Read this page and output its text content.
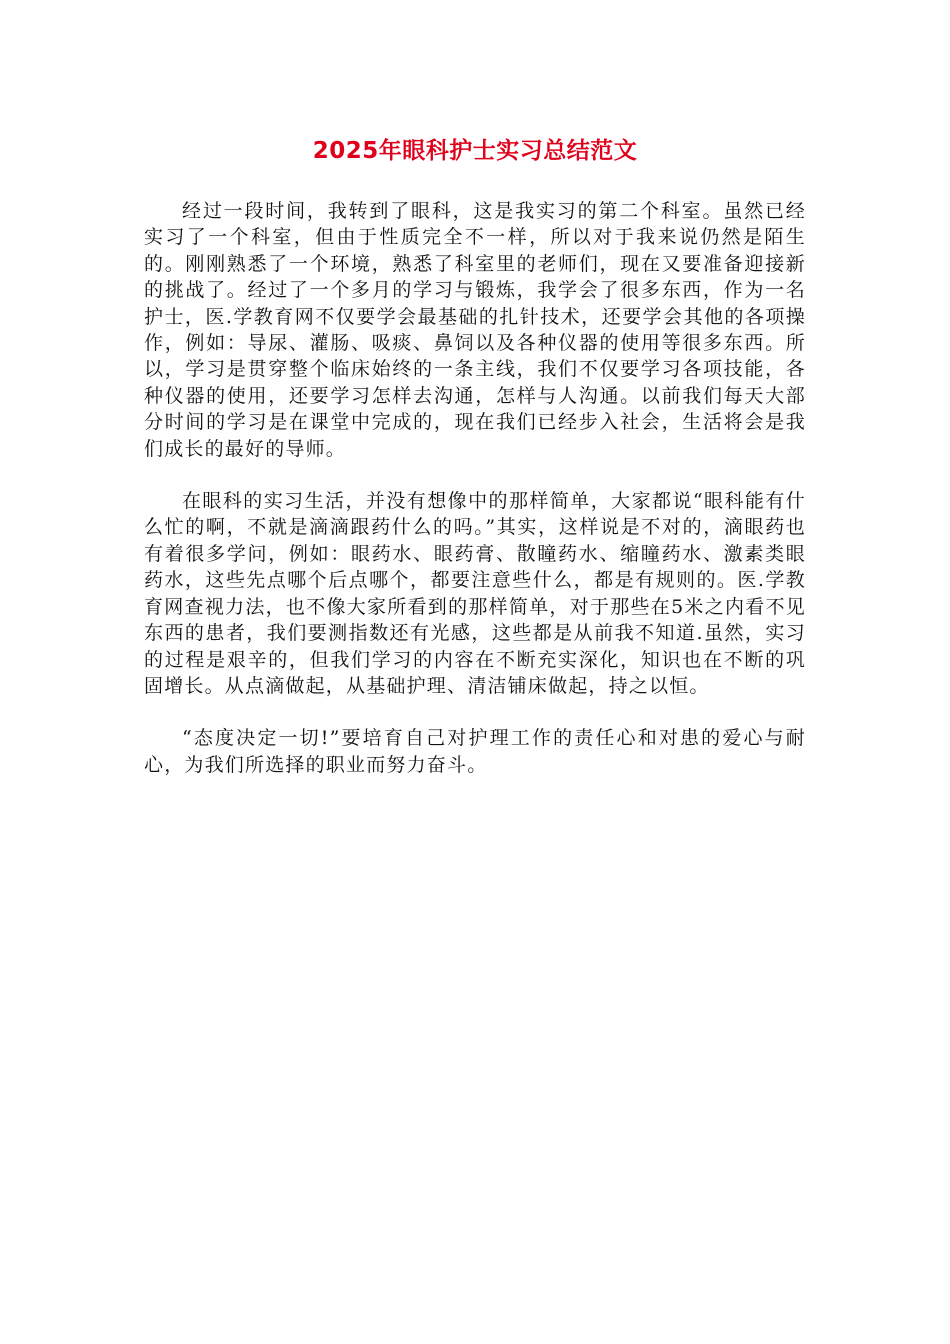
2025年眼科护士实习总结范文

经过一段时间，我转到了眼科，这是我实习的第二个科室。虽然已经实习了一个科室，但由于性质完全不一样，所以对于我来说仍然是陌生的。刚刚熟悉了一个环境，熟悉了科室里的老师们，现在又要准备迎接新的挑战了。经过了一个多月的学习与锻炼，我学会了很多东西，作为一名护士，医.学教育网不仅要学会最基础的扎针技术，还要学会其他的各项操作，例如：导尿、灌肠、吸痰、鼻饲以及各种仪器的使用等很多东西。所以，学习是贯穿整个临床始终的一条主线，我们不仅要学习各项技能，各种仪器的使用，还要学习怎样去沟通，怎样与人沟通。以前我们每天大部分时间的学习是在课堂中完成的，现在我们已经步入社会，生活将会是我们成长的最好的导师。

在眼科的实习生活，并没有想像中的那样简单，大家都说“眼科能有什么忙的啊，不就是滴滴跟药什么的吗。”其实，这样说是不对的，滴眼药也有着很多学问，例如：眼药水、眼药膏、散瞳药水、缩瞳药水、激素类眼药水，这些先点哪个后点哪个，都要注意些什么，都是有规则的。医.学教育网查视力法，也不像大家所看到的那样简单，对于那些在5米之内看不见东西的患者，我们要测指数还有光感，这些都是从前我不知道.虽然，实习的过程是艰辛的，但我们学习的内容在不断充实深化，知识也在不断的巩固增长。从点滴做起，从基础护理、清洁铺床做起，持之以恒。

“态度决定一切!”要培育自己对护理工作的责任心和对患的爱心与耐心，为我们所选择的职业而努力奋斗。
